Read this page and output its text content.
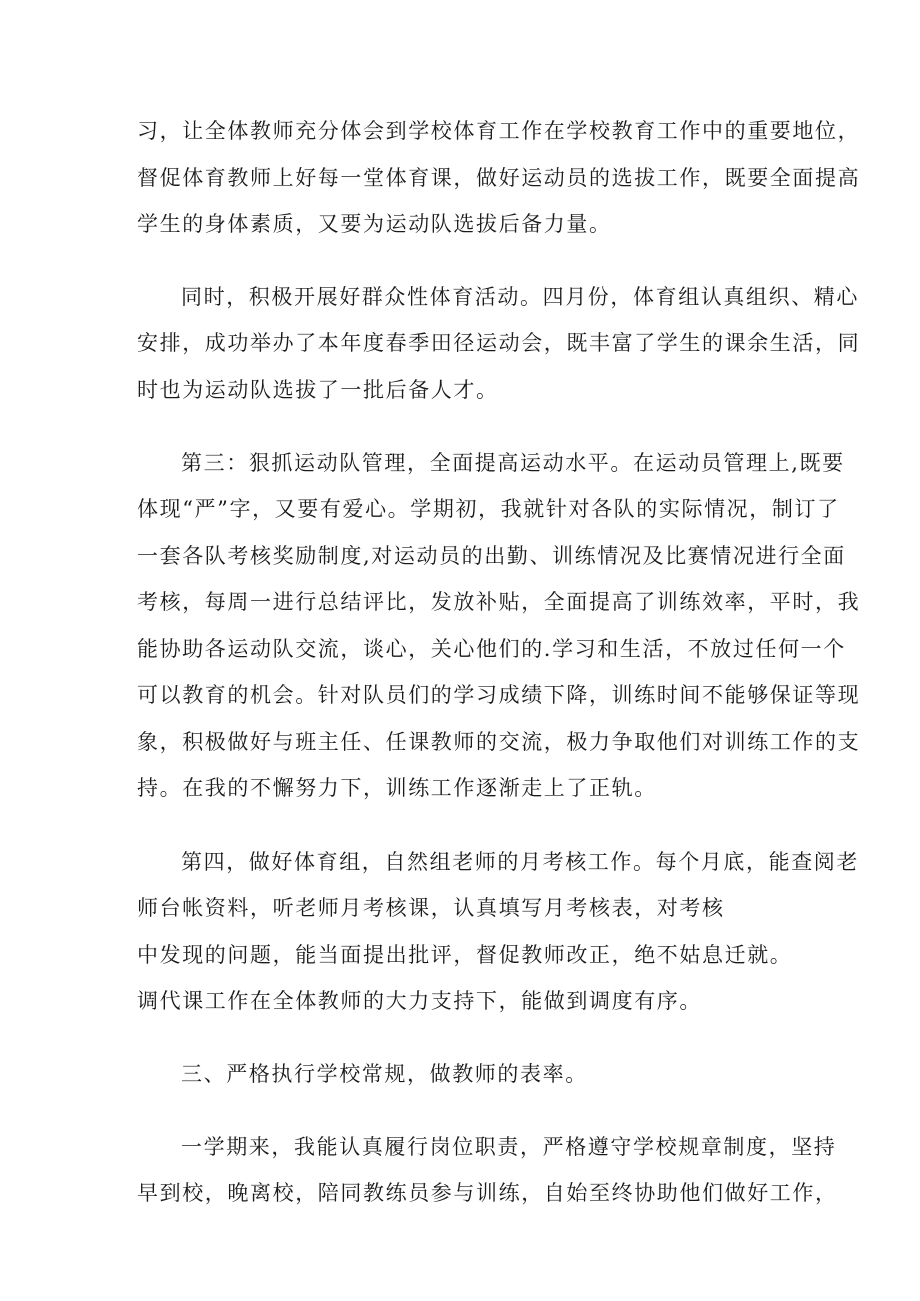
习，让全体教师充分体会到学校体育工作在学校教育工作中的重要地位，
督促体育教师上好每一堂体育课，做好运动员的选拔工作，既要全面提高
学生的身体素质，又要为运动队选拔后备力量。
同时，积极开展好群众性体育活动。四月份，体育组认真组织、精心
安排，成功举办了本年度春季田径运动会，既丰富了学生的课余生活，同
时也为运动队选拔了一批后备人才。
第三：狠抓运动队管理，全面提高运动水平。在运动员管理上,既要
体现“严”字，又要有爱心。学期初，我就针对各队的实际情况，制订了
一套各队考核奖励制度,对运动员的出勤、训练情况及比赛情况进行全面
考核，每周一进行总结评比，发放补贴，全面提高了训练效率，平时，我
能协助各运动队交流，谈心，关心他们的.学习和生活，不放过任何一个
可以教育的机会。针对队员们的学习成绩下降，训练时间不能够保证等现
象，积极做好与班主任、任课教师的交流，极力争取他们对训练工作的支
持。在我的不懈努力下，训练工作逐渐走上了正轨。
第四，做好体育组，自然组老师的月考核工作。每个月底，能查阅老
师台帐资料，听老师月考核课，认真填写月考核表，对考核
中发现的问题，能当面提出批评，督促教师改正，绝不姑息迁就。
调代课工作在全体教师的大力支持下，能做到调度有序。
三、严格执行学校常规，做教师的表率。
一学期来，我能认真履行岗位职责，严格遵守学校规章制度，坚持
早到校，晚离校，陪同教练员参与训练，自始至终协助他们做好工作，
